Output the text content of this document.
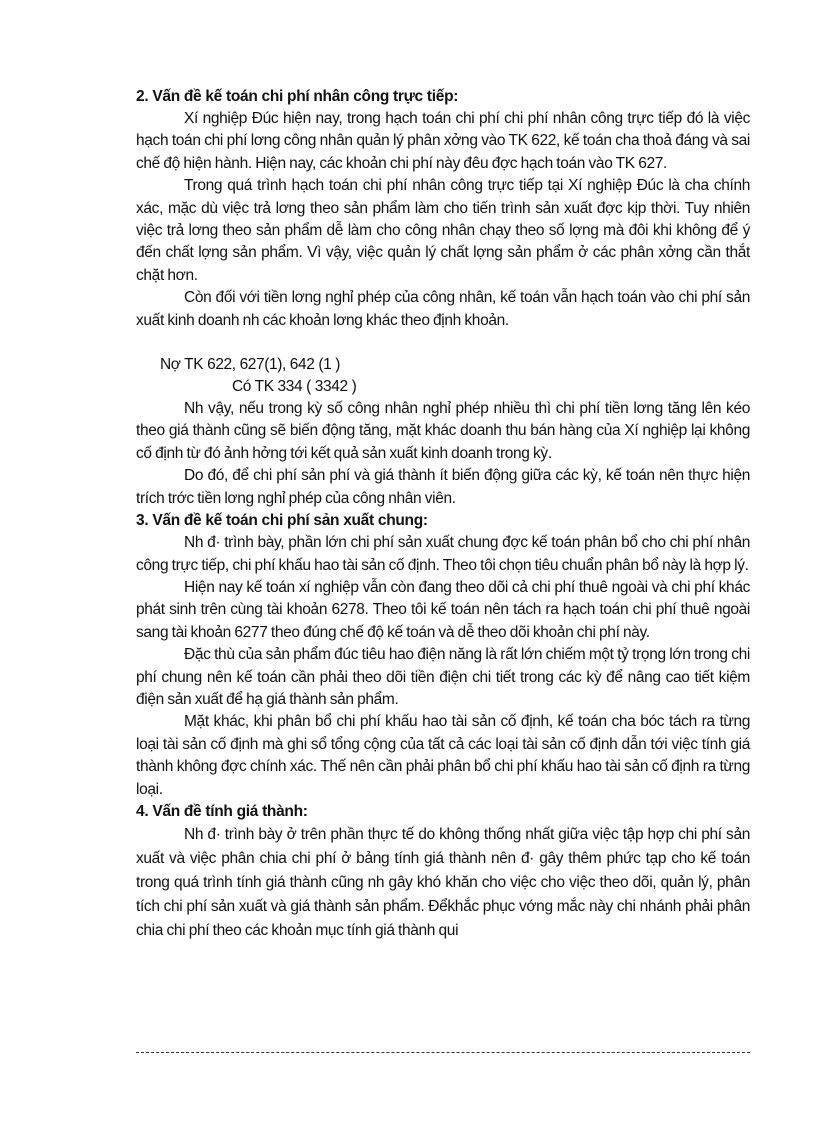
2. Vấn đề kế toán chi phí nhân công trực tiếp:

Xí nghiệp Đúc hiện nay, trong hạch toán chi phí chi phí nhân công trực tiếp đó là việc hạch toán chi phí lơng công nhân quản lý phân xởng vào TK 622, kế toán cha thoả đáng và sai chế độ hiện hành. Hiện nay, các khoản chi phí này đêu đợc hạch toán vào TK 627.

Trong quá trình hạch toán chi phí nhân công trực tiếp tại Xí nghiệp Đúc là cha chính xác, mặc dù việc trả lơng theo sản phẩm làm cho tiến trình sản xuất đợc kịp thời. Tuy nhiên việc trả lơng theo sản phẩm dễ làm cho công nhân chạy theo số lợng mà đôi khi không để ý đến chất lợng sản phẩm. Vì vậy, việc quản lý chất lợng sản phẩm ở các phân xởng cần thắt chặt hơn.

Còn đối với tiền lơng nghỉ phép của công nhân, kế toán vẫn hạch toán vào chi phí sản xuất kinh doanh nh các khoản lơng khác theo định khoản.

Nợ TK 622, 627(1), 642 (1 )

Có TK 334 ( 3342 )

Nh vậy, nếu trong kỳ số công nhân nghỉ phép nhiều thì chi phí tiền lơng tăng lên kéo theo giá thành cũng sẽ biến động tăng, mặt khác doanh thu bán hàng của Xí nghiệp lại không cố định từ đó ảnh hởng tới kết quả sản xuất kinh doanh trong kỳ.

Do đó, để chi phí sản phí và giá thành ít biến động giữa các kỳ, kế toán nên thực hiện trích trớc tiền lơng nghỉ phép của công nhân viên.

3. Vấn đề kế toán chi phí sản xuất chung:

Nh đ· trình bày, phần lớn chi phí sản xuất chung đợc kế toán phân bổ cho chi phí nhân công trực tiếp, chi phí khấu hao tài sản cố định. Theo tôi chọn tiêu chuẩn phân bổ này là hợp lý.

Hiện nay kế toán xí nghiệp vẫn còn đang theo dõi cả chi phí thuê ngoài và chi phí khác phát sinh trên cùng tài khoản 6278. Theo tôi kế toán nên tách ra hạch toán chi phí thuê ngoài sang tài khoản 6277 theo đúng chế độ kế toán và dễ theo dõi khoản chi phí này.

Đặc thù của sản phẩm đúc tiêu hao điện năng là rất lớn chiếm một tỷ trọng lớn trong chi phí chung nên kế toán cần phải theo dõi tiền điện chi tiết trong các kỳ để nâng cao tiết kiệm điện sản xuất để hạ giá thành sản phẩm.

Mặt khác, khi phân bổ chi phí khấu hao tài sản cố định, kế toán cha bóc tách ra từng loại tài sản cố định mà ghi sổ tổng cộng của tất cả các loại tài sản cố định dẫn tới việc tính giá thành không đợc chính xác. Thế nên cần phải phân bổ chi phí khấu hao tài sản cố định ra từng loại.

4. Vấn đề tính giá thành:

Nh đ· trình bày ở trên phần thực tế do không thống nhất giữa việc tập hợp chi phí sản xuất và việc phân chia chi phí ở bảng tính giá thành nên đ· gây thêm phức tạp cho kế toán trong quá trình tính giá thành cũng nh gây khó khăn cho việc cho việc theo dõi, quản lý, phân tích chi phí sản xuất và giá thành sản phẩm. Đểkhắc phục vớng mắc này chi nhánh phải phân chia chi phí theo các khoản mục tính giá thành qui
